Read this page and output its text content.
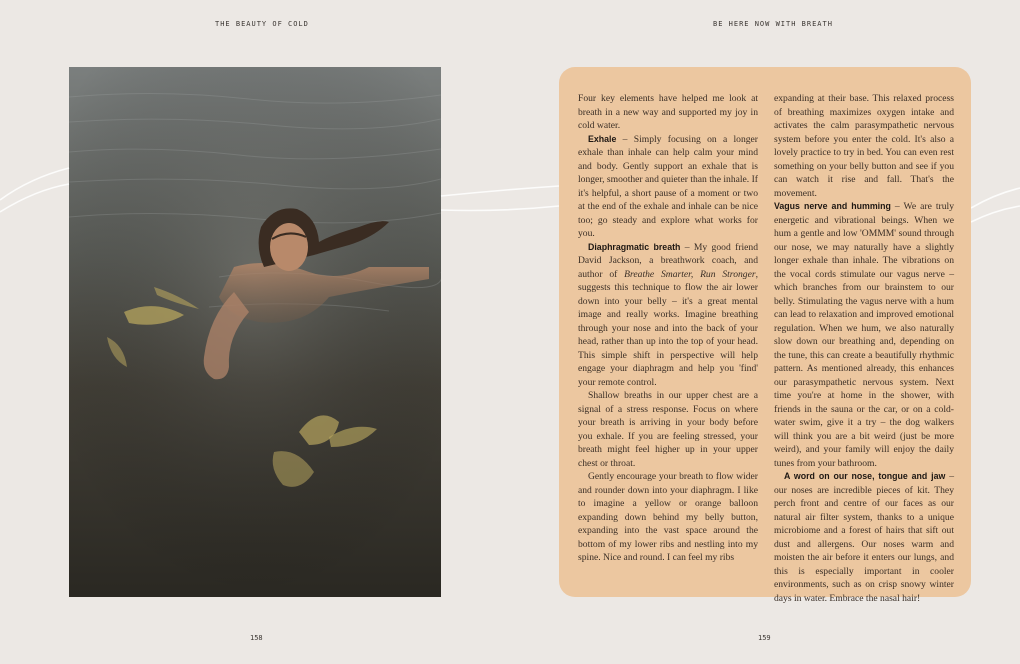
THE BEAUTY OF COLD	BE HERE NOW WITH BREATH

Four key elements have helped me look at breath in a new way and supported my joy in cold water.

Exhale – Simply focusing on a longer exhale than inhale can help calm your mind and body. Gently support an exhale that is longer, smoother and quieter than the inhale. If it's helpful, a short pause of a moment or two at the end of the exhale and inhale can be nice too; go steady and explore what works for you.

Diaphragmatic breath – My good friend David Jackson, a breathwork coach, and author of Breathe Smarter, Run Stronger, suggests this technique to flow the air lower down into your belly – it's a great mental image and really works. Imagine breathing through your nose and into the back of your head, rather than up into the top of your head. This simple shift in perspective will help engage your diaphragm and help you 'find' your remote control.

Shallow breaths in our upper chest are a signal of a stress response. Focus on where your breath is arriving in your body before you exhale. If you are feeling stressed, your breath might feel higher up in your upper chest or throat.

Gently encourage your breath to flow wider and rounder down into your diaphragm. I like to imagine a yellow or orange balloon expanding down behind my belly button, expanding into the vast space around the bottom of my lower ribs and nestling into my spine. Nice and round. I can feel my ribs

expanding at their base. This relaxed process of breathing maximizes oxygen intake and activates the calm parasympathetic nervous system before you enter the cold. It's also a lovely practice to try in bed. You can even rest something on your belly button and see if you can watch it rise and fall. That's the movement.

Vagus nerve and humming – We are truly energetic and vibrational beings. When we hum a gentle and low 'OMMM' sound through our nose, we may naturally have a slightly longer exhale than inhale. The vibrations on the vocal cords stimulate our vagus nerve – which branches from our brainstem to our belly. Stimulating the vagus nerve with a hum can lead to relaxation and improved emotional regulation. When we hum, we also naturally slow down our breathing and, depending on the tune, this can create a beautifully rhythmic pattern. As mentioned already, this enhances our parasympathetic nervous system. Next time you're at home in the shower, with friends in the sauna or the car, or on a cold-water swim, give it a try – the dog walkers will think you are a bit weird (just be more weird), and your family will enjoy the daily tunes from your bathroom.

A word on our nose, tongue and jaw – our noses are incredible pieces of kit. They perch front and centre of our faces as our natural air filter system, thanks to a unique microbiome and a forest of hairs that sift out dust and allergens. Our noses warm and moisten the air before it enters our lungs, and this is especially important in cooler environments, such as on crisp snowy winter days in water. Embrace the nasal hair!

158	159
